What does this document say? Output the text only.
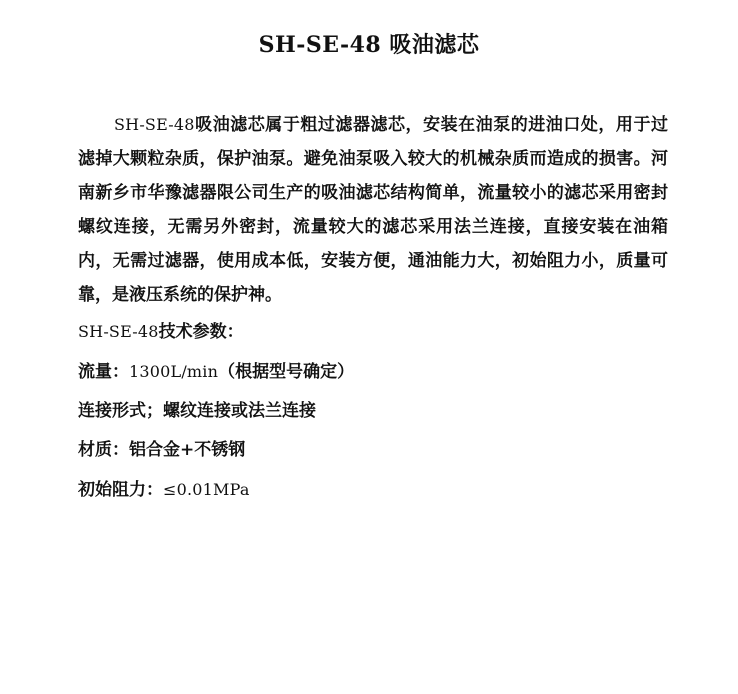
SH-SE-48 吸油滤芯

SH-SE-48吸油滤芯属于粗过滤器滤芯，安装在油泵的进油口处，用于过滤掉大颗粒杂质，保护油泵。避免油泵吸入较大的机械杂质而造成的损害。河南新乡市华豫滤器限公司生产的吸油滤芯结构简单，流量较小的滤芯采用密封螺纹连接，无需另外密封，流量较大的滤芯采用法兰连接，直接安装在油箱内，无需过滤器，使用成本低，安装方便，通油能力大，初始阻力小，质量可靠，是液压系统的保护神。

SH-SE-48技术参数：

流量：1300L/min（根据型号确定）

连接形式；螺纹连接或法兰连接

材质：铝合金+不锈钢

初始阻力：≤0.01MPa
